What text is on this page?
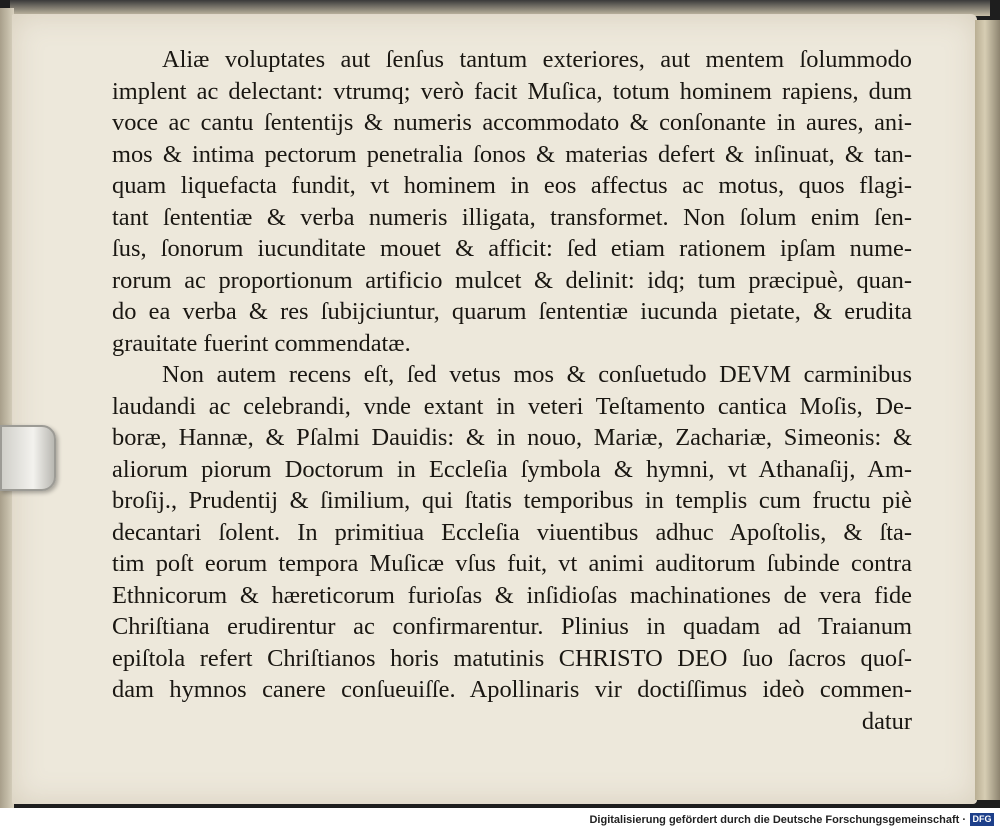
Aliæ voluptates aut ſenſus tantum exteriores, aut mentem ſolummodo
implent ac delectant: vtrumq; verò facit Muſica, totum hominem rapiens, dum
voce ac cantu ſententijs & numeris accommodato & conſonante in aures, ani-
mos & intima pectorum penetralia ſonos & materias defert & inſinuat, & tan-
quam liquefacta fundit, vt hominem in eos affectus ac motus, quos flagi-
tant ſententiæ & verba numeris illigata, transformet. Non ſolum enim ſen-
ſus, ſonorum iucunditate mouet & afficit: ſed etiam rationem ipſam nume-
rorum ac proportionum artificio mulcet & delinit: idq; tum præcipuè, quan-
do ea verba & res ſubijciuntur, quarum ſententiæ iucunda pietate, & erudita
grauitate fuerint commendatæ.
Non autem recens eſt, ſed vetus mos & conſuetudo DEVM carminibus
laudandi ac celebrandi, vnde extant in veteri Teſtamento cantica Moſis, De-
boræ, Hannæ, & Pſalmi Dauidis: & in nouo, Mariæ, Zachariæ, Simeonis: &
aliorum piorum Doctorum in Eccleſia ſymbola & hymni, vt Athanaſij, Am-
broſij., Prudentij & ſimilium, qui ſtatis temporibus in templis cum fructu piè
decantari ſolent. In primitiua Eccleſia viuentibus adhuc Apoſtolis, & ſta-
tim poſt eorum tempora Muſicæ vſus fuit, vt animi auditorum ſubinde contra
Ethnicorum & hæreticorum furioſas & inſidioſas machinationes de vera fide
Chriſtiana erudirentur ac confirmarentur. Plinius in quadam ad Traianum
epiſtola refert Chriſtianos horis matutinis CHRISTO DEO ſuo ſacros quoſ-
dam hymnos canere conſueuiſſe. Apollinaris vir doctiſſimus ideò commen-
datur
Digitalisierung gefördert durch die Deutsche Forschungsgemeinschaft · DFG
